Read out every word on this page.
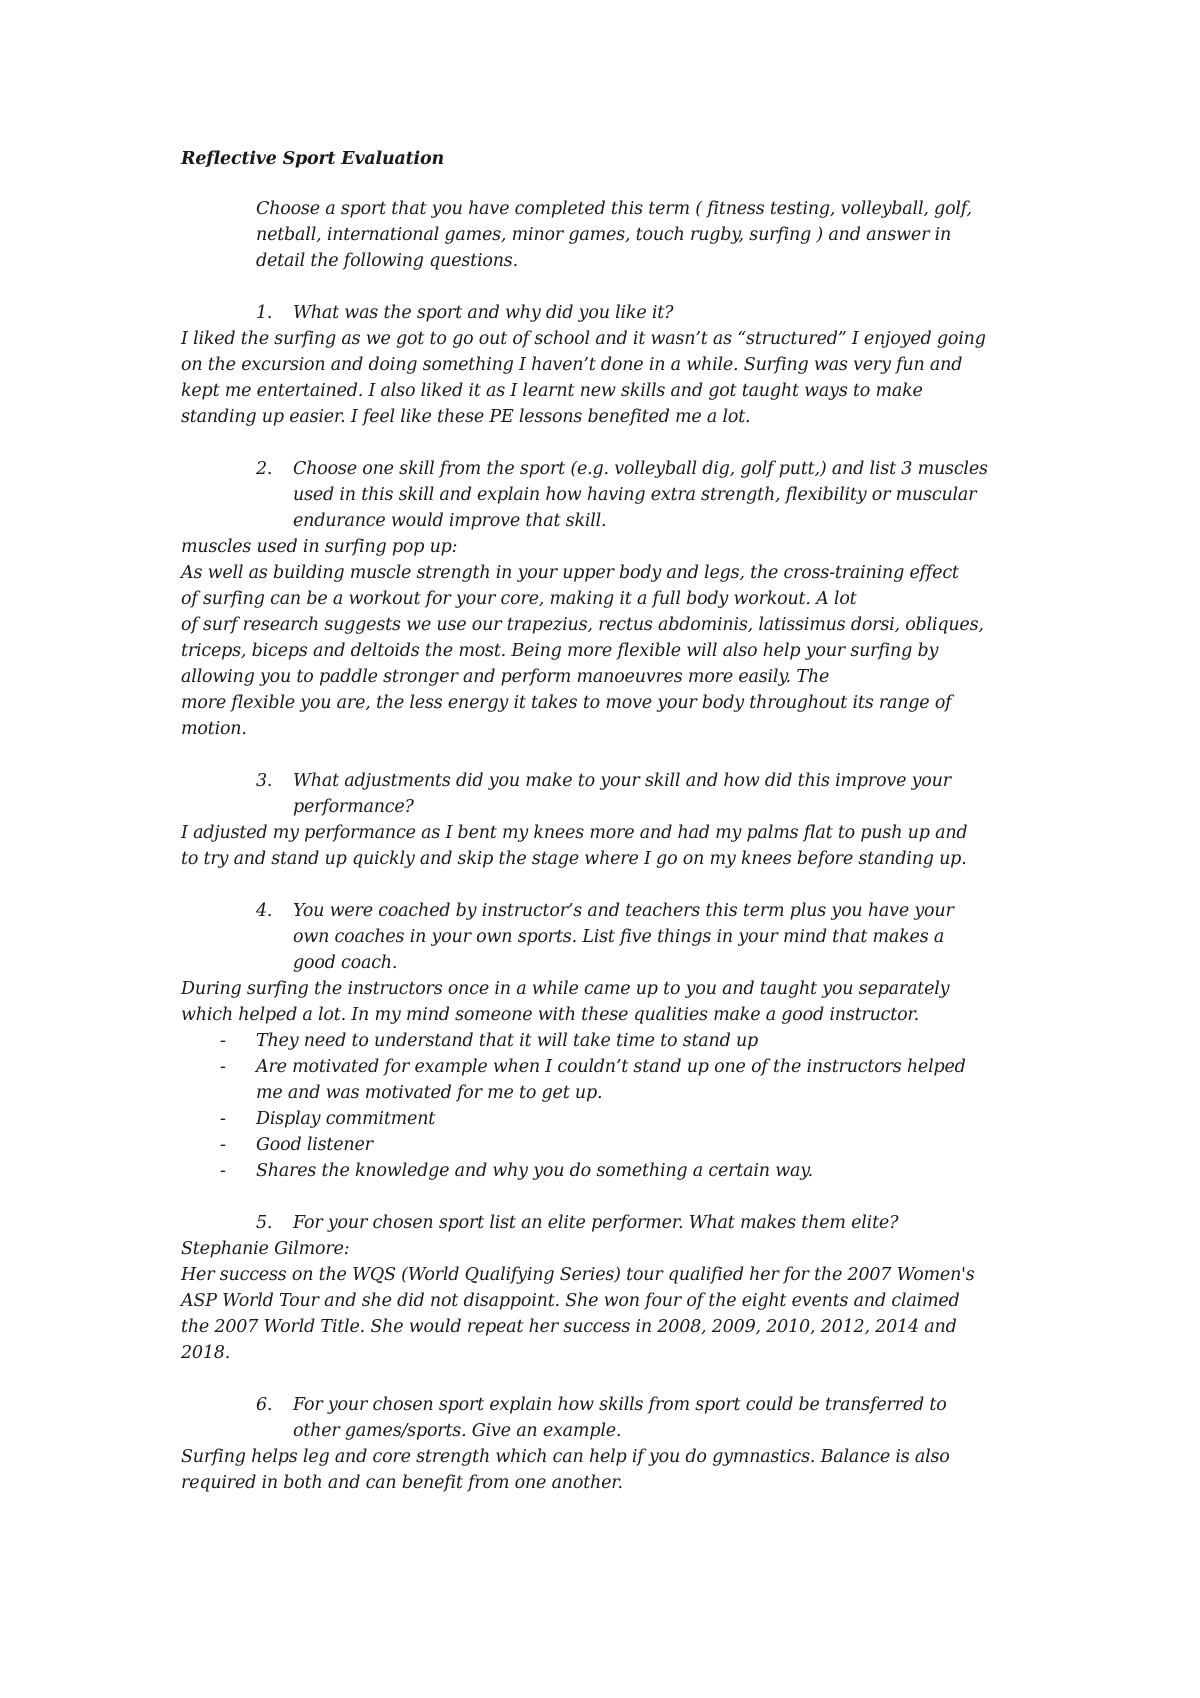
Reflective Sport Evaluation
Choose a sport that you have completed this term ( fitness testing, volleyball, golf,
netball, international games, minor games, touch rugby, surfing ) and answer in
detail the following questions.
1. What was the sport and why did you like it?
I liked the surfing as we got to go out of school and it wasn’t as “structured” I enjoyed going
on the excursion and doing something I haven’t done in a while. Surfing was very fun and
kept me entertained. I also liked it as I learnt new skills and got taught ways to make
standing up easier. I feel like these PE lessons benefited me a lot.
2. Choose one skill from the sport (e.g. volleyball dig, golf putt,) and list 3 muscles
used in this skill and explain how having extra strength, flexibility or muscular
endurance would improve that skill.
muscles used in surfing pop up:
As well as building muscle strength in your upper body and legs, the cross-training effect
of surfing can be a workout for your core, making it a full body workout. A lot
of surf research suggests we use our trapezius, rectus abdominis, latissimus dorsi, obliques,
triceps, biceps and deltoids the most. Being more flexible will also help your surfing by
allowing you to paddle stronger and perform manoeuvres more easily. The
more flexible you are, the less energy it takes to move your body throughout its range of
motion.
3. What adjustments did you make to your skill and how did this improve your
performance?
I adjusted my performance as I bent my knees more and had my palms flat to push up and
to try and stand up quickly and skip the stage where I go on my knees before standing up.
4. You were coached by instructor’s and teachers this term plus you have your
own coaches in your own sports. List five things in your mind that makes a
good coach.
During surfing the instructors once in a while came up to you and taught you separately
which helped a lot. In my mind someone with these qualities make a good instructor.
- They need to understand that it will take time to stand up
- Are motivated for example when I couldn’t stand up one of the instructors helped
me and was motivated for me to get up.
- Display commitment
- Good listener
- Shares the knowledge and why you do something a certain way.
5. For your chosen sport list an elite performer. What makes them elite?
Stephanie Gilmore:
Her success on the WQS (World Qualifying Series) tour qualified her for the 2007 Women's
ASP World Tour and she did not disappoint. She won four of the eight events and claimed
the 2007 World Title. She would repeat her success in 2008, 2009, 2010, 2012, 2014 and
2018.
6. For your chosen sport explain how skills from sport could be transferred to
other games/sports. Give an example.
Surfing helps leg and core strength which can help if you do gymnastics. Balance is also
required in both and can benefit from one another.
